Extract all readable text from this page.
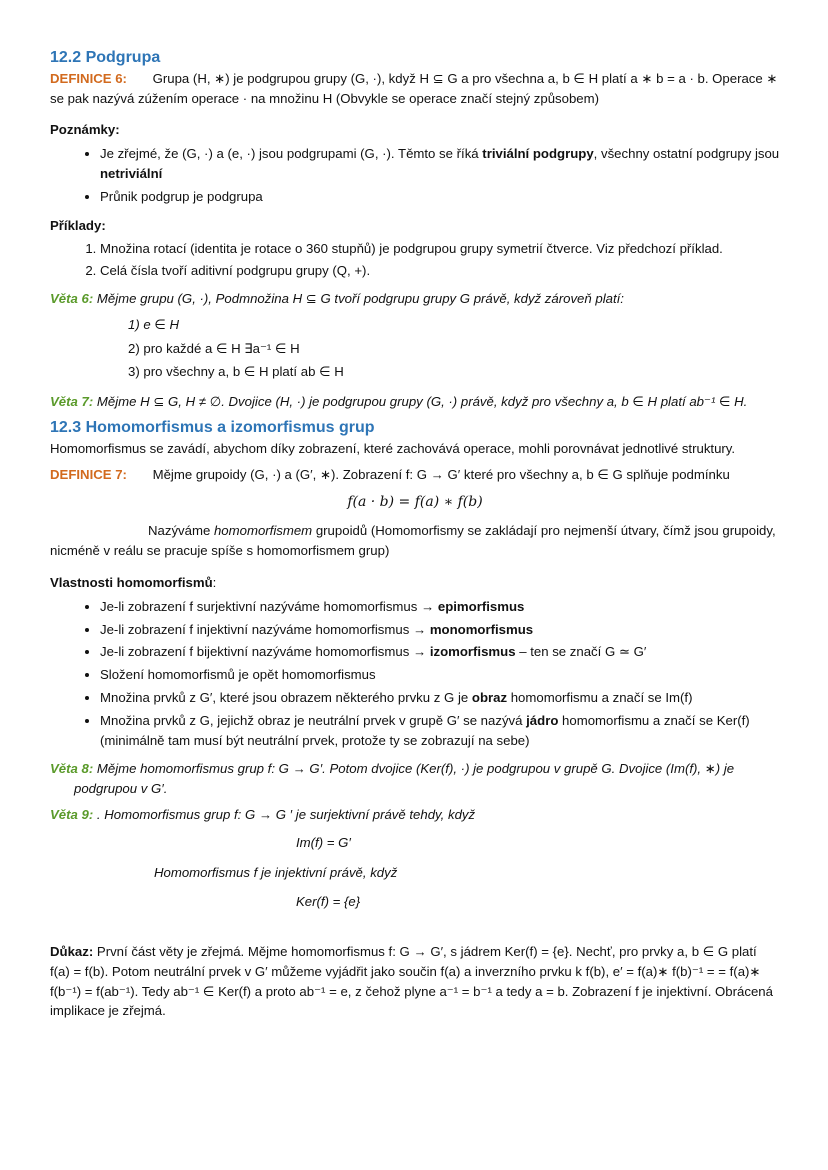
12.2 Podgrupa

DEFINICE 6: Grupa (H, ∗) je podgrupou grupy (G, ·), když H ⊆ G a pro všechna a, b ∈ H platí a ∗ b = a · b. Operace ∗ se pak nazývá zúžením operace · na množinu H (Obvykle se operace značí stejný způsobem)

Poznámky:

• Je zřejmé, že (G, ·) a (e, ·) jsou podgrupami (G, ·). Těmto se říká triviální podgrupy, všechny ostatní podgrupy jsou netriviální
• Průnik podgrup je podgrupa

Příklady:

1. Množina rotací (identita je rotace o 360 stupňů) je podgrupou grupy symetrií čtverce. Viz předchozí příklad.
2. Celá čísla tvoří aditivní podgrupu grupy (Q, +).

Věta 6: Mějme grupu (G, ·), Podmnožina H ⊆ G tvoří podgrupu grupy G právě, když zároveň platí:

1) e ∈ H
2) pro každé a ∈ H ∃a⁻¹ ∈ H
3) pro všechny a, b ∈ H platí ab ∈ H

Věta 7: Mějme H ⊆ G, H ≠ ∅. Dvojice (H, ·) je podgrupou grupy (G, ·) právě, když pro všechny a, b ∈ H platí ab⁻¹ ∈ H.

12.3 Homomorfismus a izomorfismus grup

Homomorfismus se zavádí, abychom díky zobrazení, které zachovává operace, mohli porovnávat jednotlivé struktury.

DEFINICE 7: Mějme grupoidy (G, ·) a (G′, ∗). Zobrazení f: G → G′ které pro všechny a, b ∈ G splňuje podmínku

f(a · b) = f(a) ∗ f(b)

Nazýváme homomorfismem grupoidů (Homomorfismy se zakládají pro nejmenší útvary, čímž jsou grupoidy, nicméně v reálu se pracuje spíše s homomorfismem grup)

Vlastnosti homomorfismů:

• Je-li zobrazení f surjektivní nazýváme homomorfismus → epimorfismus
• Je-li zobrazení f injektivní nazýváme homomorfismus → monomorfismus
• Je-li zobrazení f bijektivní nazýváme homomorfismus → izomorfismus – ten se značí G ≃ G′
• Složení homomorfismů je opět homomorfismus
• Množina prvků z G′, které jsou obrazem některého prvku z G je obraz homomorfismu a značí se Im(f)
• Množina prvků z G, jejichž obraz je neutrální prvek v grupě G′ se nazývá jádro homomorfismu a značí se Ker(f) (minimálně tam musí být neutrální prvek, protože ty se zobrazují na sebe)

Věta 8: Mějme homomorfismus grup f: G → G′. Potom dvojice (Ker(f), ·) je podgrupou v grupě G. Dvojice (Im(f), ∗) je podgrupou v G′.

Věta 9: . Homomorfismus grup f: G → G ′ je surjektivní právě tehdy, když

Im(f) = G′

Homomorfismus f je injektivní právě, když

Ker(f) = {e}

Důkaz: První část věty je zřejmá. Mějme homomorfismus f: G → G′, s jádrem Ker(f) = {e}. Nechť, pro prvky a, b ∈ G platí f(a) = f(b). Potom neutrální prvek v G′ můžeme vyjádřit jako součin f(a) a inverzního prvku k f(b), e′ = f(a)∗ f(b)⁻¹ = = f(a)∗ f(b⁻¹) = f(ab⁻¹). Tedy ab⁻¹ ∈ Ker(f) a proto ab⁻¹ = e, z čehož plyne a⁻¹ = b⁻¹ a tedy a = b. Zobrazení f je injektivní. Obrácená implikace je zřejmá.
